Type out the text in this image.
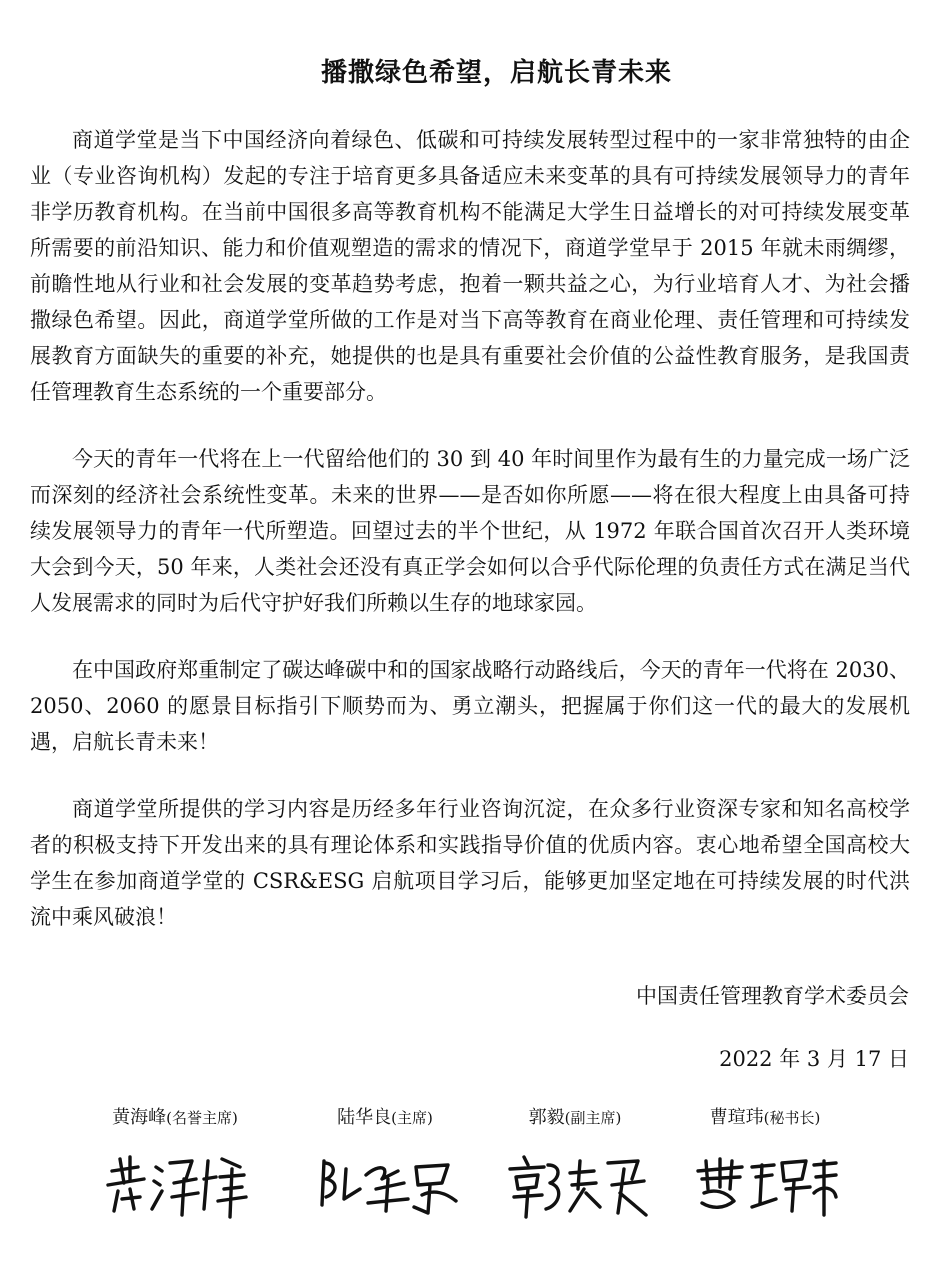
播撒绿色希望，启航长青未来

商道学堂是当下中国经济向着绿色、低碳和可持续发展转型过程中的一家非常独特的由企业（专业咨询机构）发起的专注于培育更多具备适应未来变革的具有可持续发展领导力的青年非学历教育机构。在当前中国很多高等教育机构不能满足大学生日益增长的对可持续发展变革所需要的前沿知识、能力和价值观塑造的需求的情况下，商道学堂早于 2015 年就未雨绸缪，前瞻性地从行业和社会发展的变革趋势考虑，抱着一颗共益之心，为行业培育人才、为社会播撒绿色希望。因此，商道学堂所做的工作是对当下高等教育在商业伦理、责任管理和可持续发展教育方面缺失的重要的补充，她提供的也是具有重要社会价值的公益性教育服务，是我国责任管理教育生态系统的一个重要部分。

今天的青年一代将在上一代留给他们的 30 到 40 年时间里作为最有生的力量完成一场广泛而深刻的经济社会系统性变革。未来的世界——是否如你所愿——将在很大程度上由具备可持续发展领导力的青年一代所塑造。回望过去的半个世纪，从 1972 年联合国首次召开人类环境大会到今天，50 年来，人类社会还没有真正学会如何以合乎代际伦理的负责任方式在满足当代人发展需求的同时为后代守护好我们所赖以生存的地球家园。

在中国政府郑重制定了碳达峰碳中和的国家战略行动路线后，今天的青年一代将在 2030、2050、2060 的愿景目标指引下顺势而为、勇立潮头，把握属于你们这一代的最大的发展机遇，启航长青未来！

商道学堂所提供的学习内容是历经多年行业咨询沉淀，在众多行业资深专家和知名高校学者的积极支持下开发出来的具有理论体系和实践指导价值的优质内容。衷心地希望全国高校大学生在参加商道学堂的 CSR&ESG 启航项目学习后，能够更加坚定地在可持续发展的时代洪流中乘风破浪！

中国责任管理教育学术委员会
2022 年 3 月 17 日
黄海峰(名誉主席)	陆华良(主席)	郭毅(副主席)	曹瑄玮(秘书长)
